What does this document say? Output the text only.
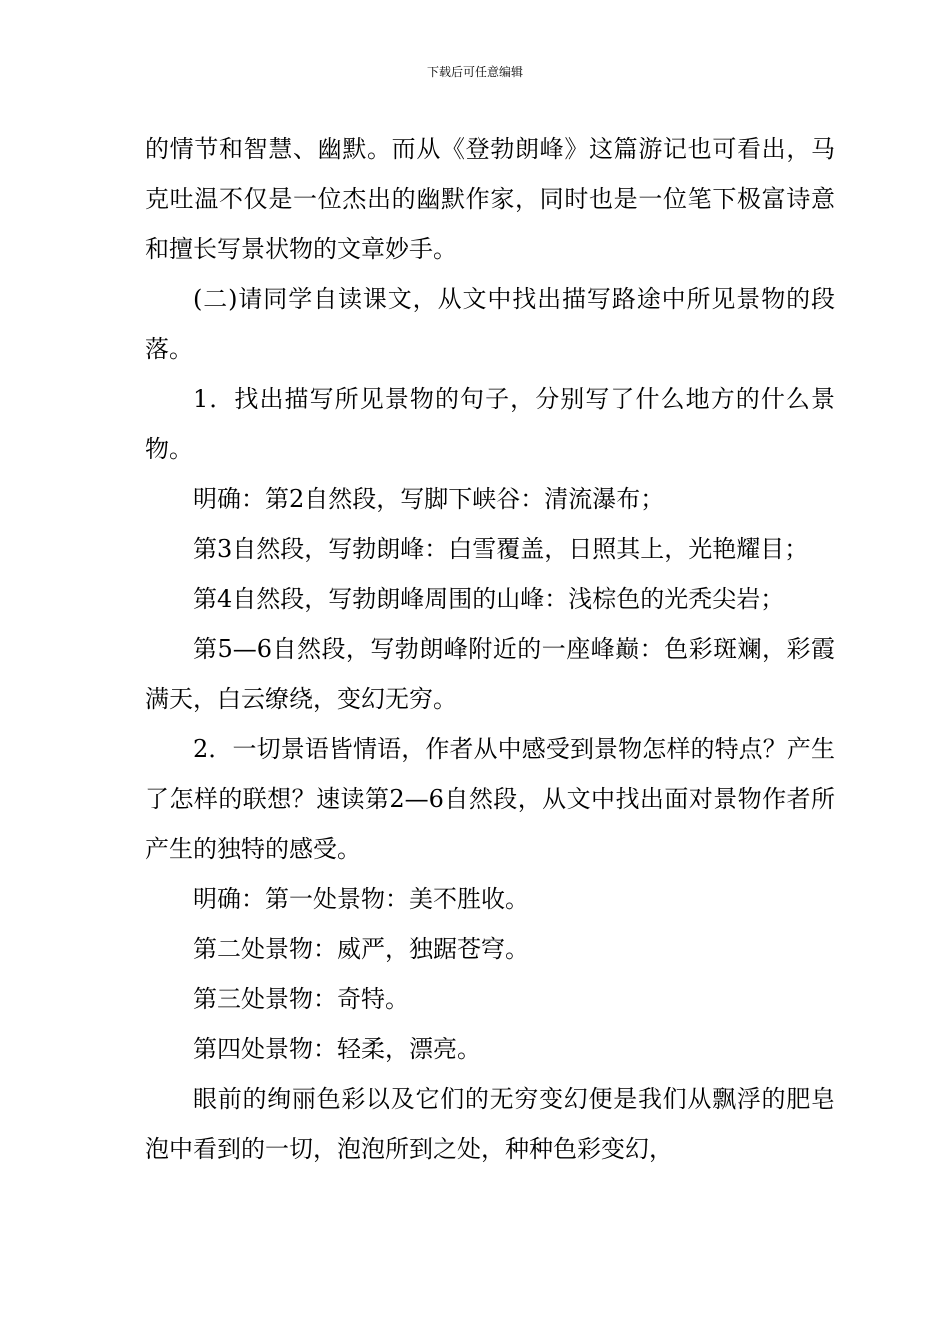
下载后可任意编辑

的情节和智慧、幽默。而从《登勃朗峰》这篇游记也可看出，马克吐温不仅是一位杰出的幽默作家，同时也是一位笔下极富诗意和擅长写景状物的文章妙手。

(二)请同学自读课文，从文中找出描写路途中所见景物的段落。

1．找出描写所见景物的句子，分别写了什么地方的什么景物。

明确：第2自然段，写脚下峡谷：清流瀑布；

第3自然段，写勃朗峰：白雪覆盖，日照其上，光艳耀目；

第4自然段，写勃朗峰周围的山峰：浅棕色的光秃尖岩；

第5—6自然段，写勃朗峰附近的一座峰巅：色彩斑斓，彩霞满天，白云缭绕，变幻无穷。

2．一切景语皆情语，作者从中感受到景物怎样的特点？产生了怎样的联想？速读第2—6自然段，从文中找出面对景物作者所产生的独特的感受。

明确：第一处景物：美不胜收。

第二处景物：威严，独踞苍穹。

第三处景物：奇特。

第四处景物：轻柔，漂亮。

眼前的绚丽色彩以及它们的无穷变幻便是我们从飘浮的肥皂泡中看到的一切，泡泡所到之处，种种色彩变幻，
